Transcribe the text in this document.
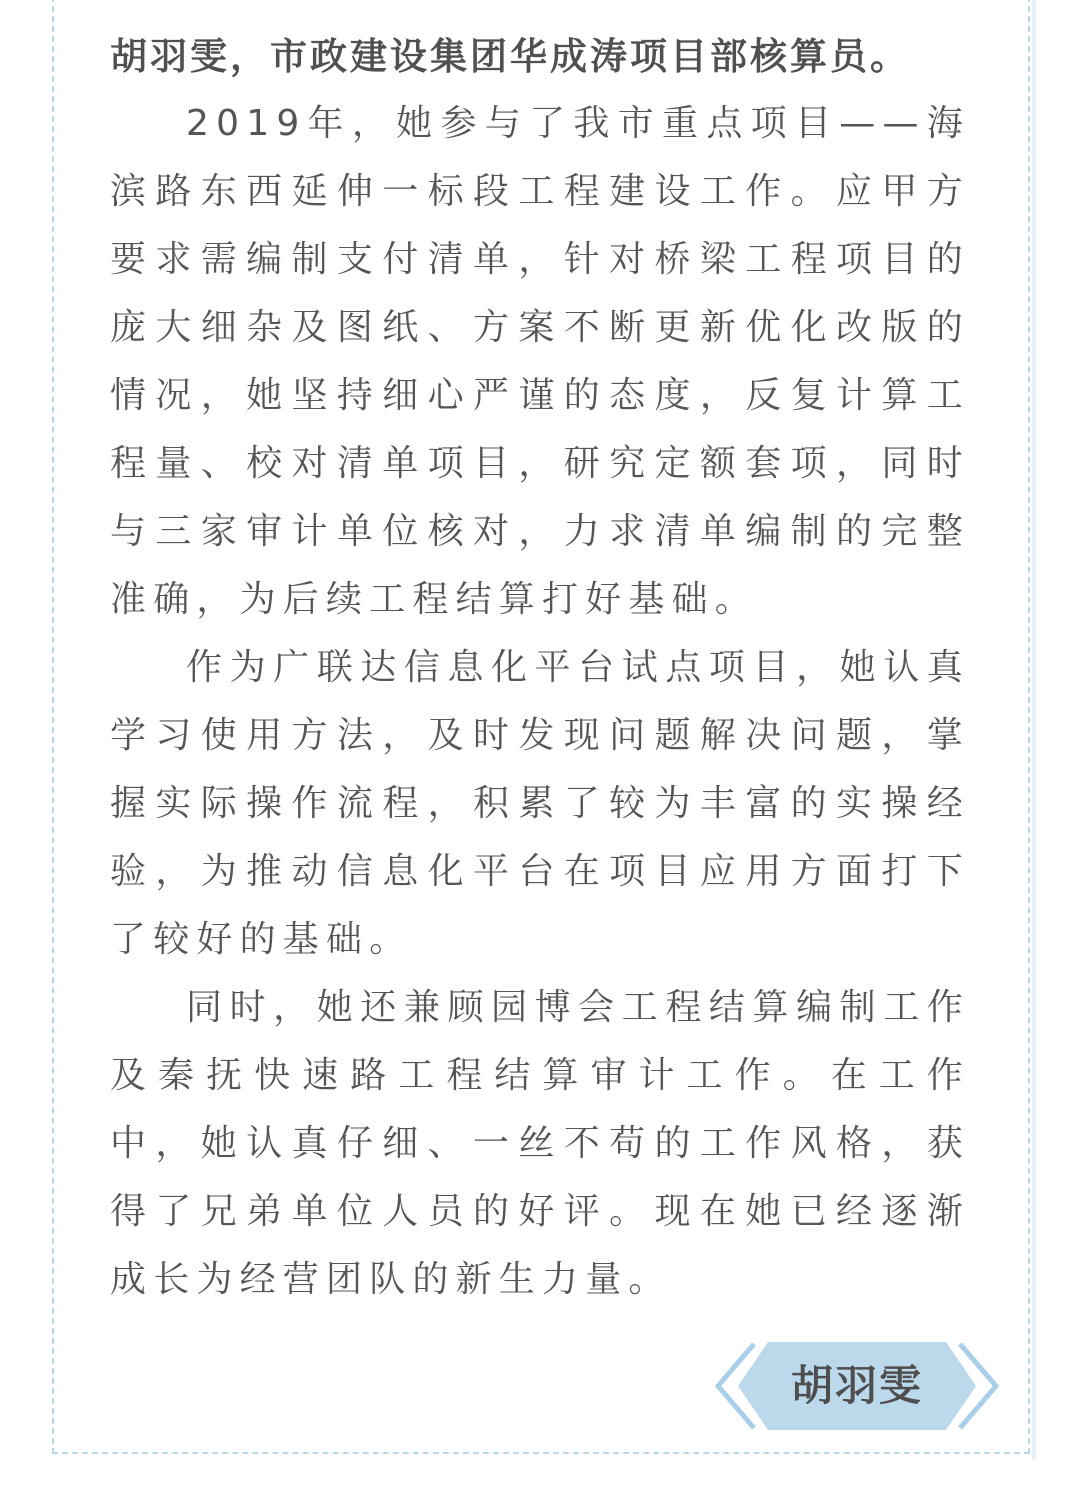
胡羽雯，市政建设集团华成涛项目部核算员。

2019年，她参与了我市重点项目——海滨路东西延伸一标段工程建设工作。应甲方要求需编制支付清单，针对桥梁工程项目的庞大细杂及图纸、方案不断更新优化改版的情况，她坚持细心严谨的态度，反复计算工程量、校对清单项目，研究定额套项，同时与三家审计单位核对，力求清单编制的完整准确，为后续工程结算打好基础。

作为广联达信息化平台试点项目，她认真学习使用方法，及时发现问题解决问题，掌握实际操作流程，积累了较为丰富的实操经验，为推动信息化平台在项目应用方面打下了较好的基础。

同时，她还兼顾园博会工程结算编制工作及秦抚快速路工程结算审计工作。在工作中，她认真仔细、一丝不苟的工作风格，获得了兄弟单位人员的好评。现在她已经逐渐成长为经营团队的新生力量。

胡羽雯
